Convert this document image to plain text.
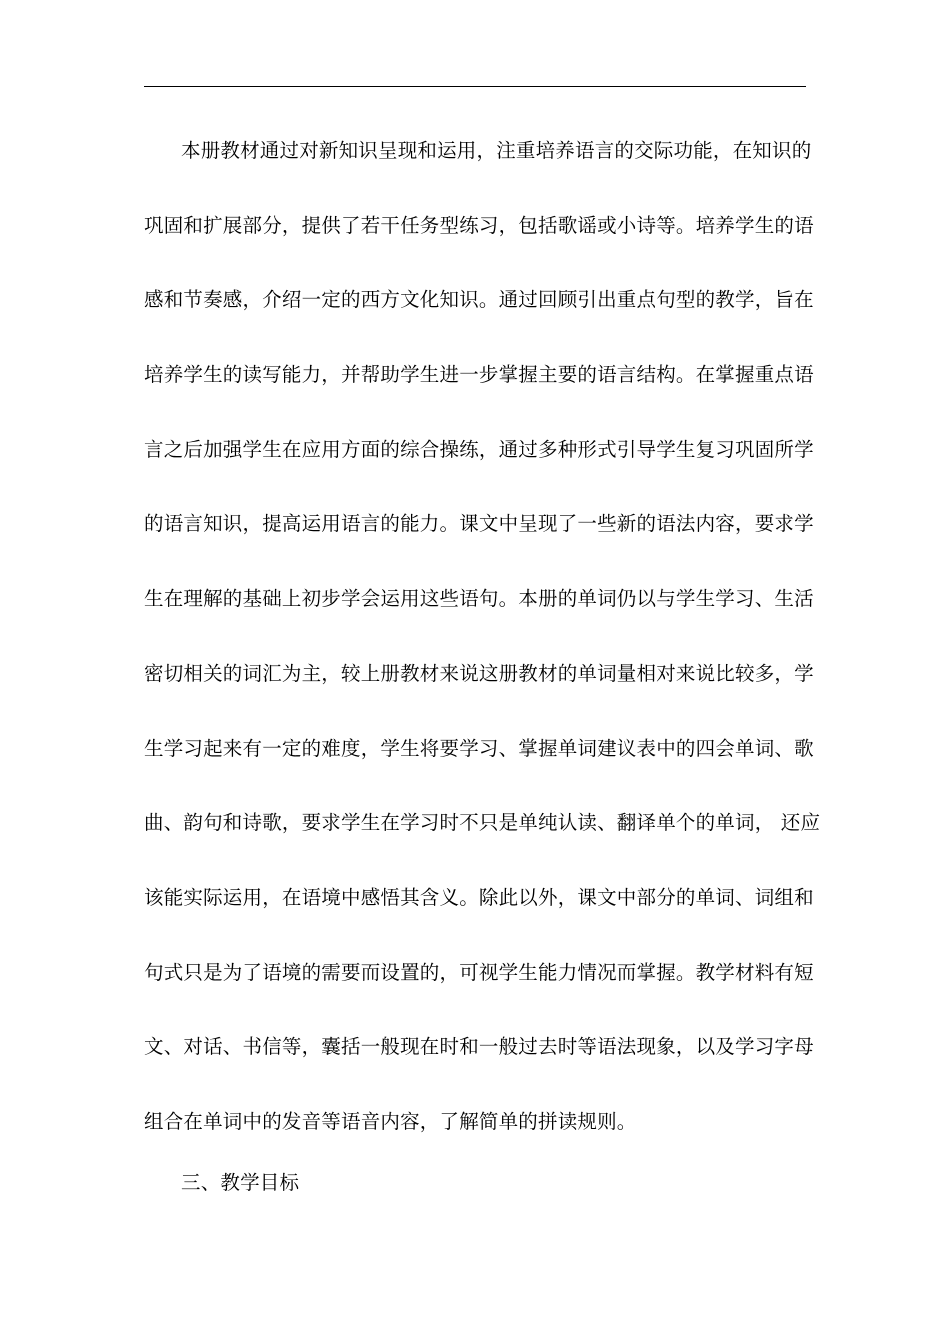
本册教材通过对新知识呈现和运用，注重培养语言的交际功能，在知识的
巩固和扩展部分，提供了若干任务型练习，包括歌谣或小诗等。培养学生的语
感和节奏感，介绍一定的西方文化知识。通过回顾引出重点句型的教学，旨在
培养学生的读写能力，并帮助学生进一步掌握主要的语言结构。在掌握重点语
言之后加强学生在应用方面的综合操练，通过多种形式引导学生复习巩固所学
的语言知识，提高运用语言的能力。课文中呈现了一些新的语法内容，要求学
生在理解的基础上初步学会运用这些语句。本册的单词仍以与学生学习、生活
密切相关的词汇为主，较上册教材来说这册教材的单词量相对来说比较多，学
生学习起来有一定的难度，学生将要学习、掌握单词建议表中的四会单词、歌
曲、韵句和诗歌，要求学生在学习时不只是单纯认读、翻译单个的单词， 还应
该能实际运用，在语境中感悟其含义。除此以外，课文中部分的单词、词组和
句式只是为了语境的需要而设置的，可视学生能力情况而掌握。教学材料有短
文、对话、书信等，囊括一般现在时和一般过去时等语法现象，以及学习字母
组合在单词中的发音等语音内容，了解简单的拼读规则。
三、教学目标
